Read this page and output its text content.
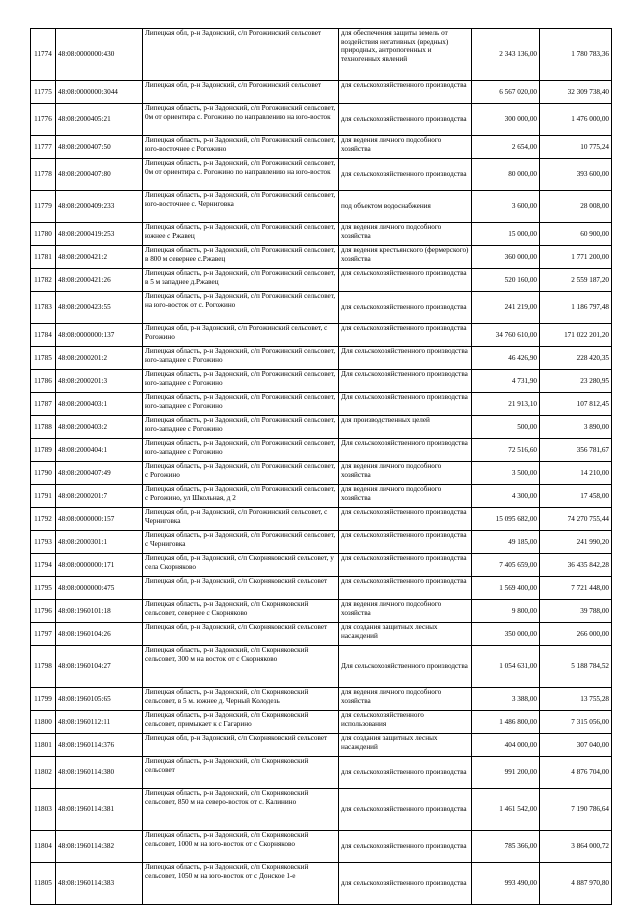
11774	48:08:0000000:430	Липецкая обл, р-н Задонский, с/п Рогожинский сельсовет	для обеспечения защиты земель от воздействия негативных (вредных) природных, антропогенных и техногенных явлений	2 343 136,00	1 780 783,36
11775	48:08:0000000:3044	Липецкая обл, р-н Задонский, с/п Рогожинский сельсовет	для сельскохозяйственного производства	6 567 020,00	32 309 738,40
11776	48:08:2000405:21	Липецкая область, р-н Задонский, с/п Рогожинский сельсовет, 0м от ориентира с. Рогожино по направлению на юго-восток	для сельскохозяйственного производства	300 000,00	1 476 000,00
11777	48:08:2000407:50	Липецкая область, р-н Задонский, с/п Рогожинский сельсовет, юго-восточнее с Рогожино	для ведения личного подсобного хозяйства	2 654,00	10 775,24
11778	48:08:2000407:80	Липецкая область, р-н Задонский, с/п Рогожинский сельсовет, 0м от ориентира с. Рогожино по направлению на юго-восток	для сельскохозяйственного производства	80 000,00	393 600,00
11779	48:08:2000409:233	Липецкая область, р-н Задонский, с/п Рогожинский сельсовет, юго-восточнее с. Черниговка	под объектом водоснабжения	3 600,00	28 008,00
11780	48:08:2000419:253	Липецкая область, р-н Задонский, с/п Рогожинский сельсовет, южнее с Ржавец	для ведения личного подсобного хозяйства	15 000,00	60 900,00
11781	48:08:2000421:2	Липецкая область, р-н Задонский, с/п Рогожинский сельсовет, в 800 м севернее с.Ржавец	для ведения крестьянского (фермерского) хозяйства	360 000,00	1 771 200,00
11782	48:08:2000421:26	Липецкая область, р-н Задонский, с/п Рогожинский сельсовет, в 5 м западнее д.Ржавец	для сельскохозяйственного производства	520 160,00	2 559 187,20
11783	48:08:2000423:55	Липецкая область, р-н Задонский, с/п Рогожинский сельсовет, на юго-восток от с. Рогожино	для сельскохозяйственного производства	241 219,00	1 186 797,48
11784	48:08:0000000:137	Липецкая обл, р-н Задонский, с/п Рогожинский сельсовет, с Рогожино	для сельскохозяйственного производства	34 760 610,00	171 022 201,20
11785	48:08:2000201:2	Липецкая область, р-н Задонский, с/п Рогожинский сельсовет, юго-западнее с Рогожино	Для сельскохозяйственного производства	46 426,90	228 420,35
11786	48:08:2000201:3	Липецкая область, р-н Задонский, с/п Рогожинский сельсовет, юго-западнее с Рогожино	Для сельскохозяйственного производства	4 731,90	23 280,95
11787	48:08:2000403:1	Липецкая область, р-н Задонский, с/п Рогожинский сельсовет, юго-западнее с Рогожино	Для сельскохозяйственного производства	21 913,10	107 812,45
11788	48:08:2000403:2	Липецкая область, р-н Задонский, с/п Рогожинский сельсовет, юго-западнее с Рогожино	для производственных целей	500,00	3 890,00
11789	48:08:2000404:1	Липецкая область, р-н Задонский, с/п Рогожинский сельсовет, юго-западнее с Рогожино	Для сельскохозяйственного производства	72 516,60	356 781,67
11790	48:08:2000407:49	Липецкая область, р-н Задонский, с/п Рогожинский сельсовет, с Рогожино	для ведения личного подсобного хозяйства	3 500,00	14 210,00
11791	48:08:2000201:7	Липецкая область, р-н Задонский, с/п Рогожинский сельсовет, с Рогожино, ул Школьная, д 2	для ведения личного подсобного хозяйства	4 300,00	17 458,00
11792	48:08:0000000:157	Липецкая обл, р-н Задонский, с/п Рогожинский сельсовет, с Черниговка	для сельскохозяйственного производства	15 095 682,00	74 270 755,44
11793	48:08:2000301:1	Липецкая область, р-н Задонский, с/п Рогожинский сельсовет, с Черниговка	для сельскохозяйственного производства	49 185,00	241 990,20
11794	48:08:0000000:171	Липецкая обл, р-н Задонский, с/п Скорняковский сельсовет, у села Скорняково	для сельскохозяйственного производства	7 405 659,00	36 435 842,28
11795	48:08:0000000:475	Липецкая обл, р-н Задонский, с/п Скорняковский сельсовет	для сельскохозяйственного производства	1 569 400,00	7 721 448,00
11796	48:08:1960101:18	Липецкая область, р-н Задонский, с/п Скорняковский сельсовет, севернее с Скорняково	для ведения личного подсобного хозяйства	9 800,00	39 788,00
11797	48:08:1960104:26	Липецкая обл, р-н Задонский, с/п Скорняковский сельсовет	для создания защитных лесных насаждений	350 000,00	266 000,00
11798	48:08:1960104:27	Липецкая область, р-н Задонский, с/п Скорняковский сельсовет, 300 м на восток от с Скорняково	Для сельскохозяйственного производства	1 054 631,00	5 188 784,52
11799	48:08:1960105:65	Липецкая область, р-н Задонский, с/п Скорняковский сельсовет, в 5 м. южнее д. Черный Колодезь	для ведения личного подсобного хозяйства	3 388,00	13 755,28
11800	48:08:1960112:11	Липецкая область, р-н Задонский, с/п Скорняковский сельсовет, примыкает к с Гагарино	для сельскохозяйственного использования	1 486 800,00	7 315 056,00
11801	48:08:1960114:376	Липецкая обл, р-н Задонский, с/п Скорняковский сельсовет	для создания защитных лесных насаждений	404 000,00	307 040,00
11802	48:08:1960114:380	Липецкая область, р-н Задонский, с/п Скорняковский сельсовет	для сельскохозяйственного производства	991 200,00	4 876 704,00
11803	48:08:1960114:381	Липецкая область, р-н Задонский, с/п Скорняковский сельсовет, 850 м на северо-восток от с. Калинино	для сельскохозяйственного производства	1 461 542,00	7 190 786,64
11804	48:08:1960114:382	Липецкая область, р-н Задонский, с/п Скорняковский сельсовет, 1000 м на юго-восток от с Скорняково	для сельскохозяйственного производства	785 366,00	3 864 000,72
11805	48:08:1960114:383	Липецкая область, р-н Задонский, с/п Скорняковский сельсовет, 1050 м на юго-восток от с Донское 1-е	для сельскохозяйственного производства	993 490,00	4 887 970,80
